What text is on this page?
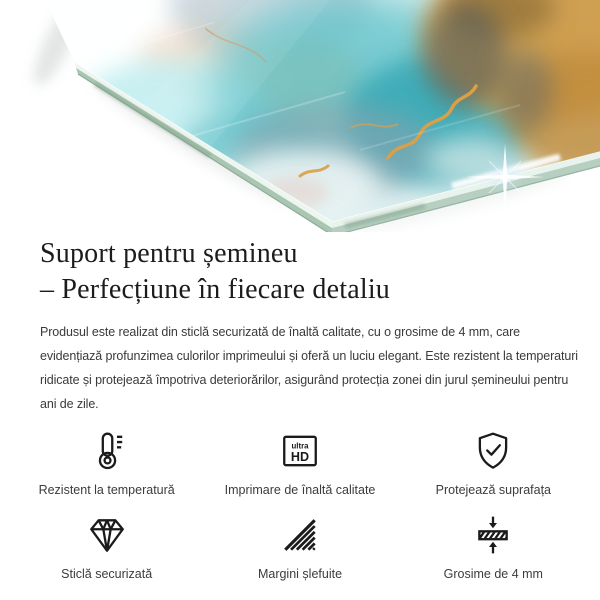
Suport pentru șemineu
– Perfecțiune în fiecare detaliu

Produsul este realizat din sticlă securizată de înaltă calitate, cu o grosime de 4 mm, care evidențiază profunzimea culorilor imprimeului și oferă un luciu elegant. Este rezistent la temperaturi ridicate și protejează împotriva deteriorărilor, asigurând protecția zonei din jurul șemineului pentru ani de zile.

Rezistent la temperatură
ultra
HD
Imprimare de înaltă calitate	Protejează suprafața
Sticlă securizată	Margini șlefuite	Grosime de 4 mm
